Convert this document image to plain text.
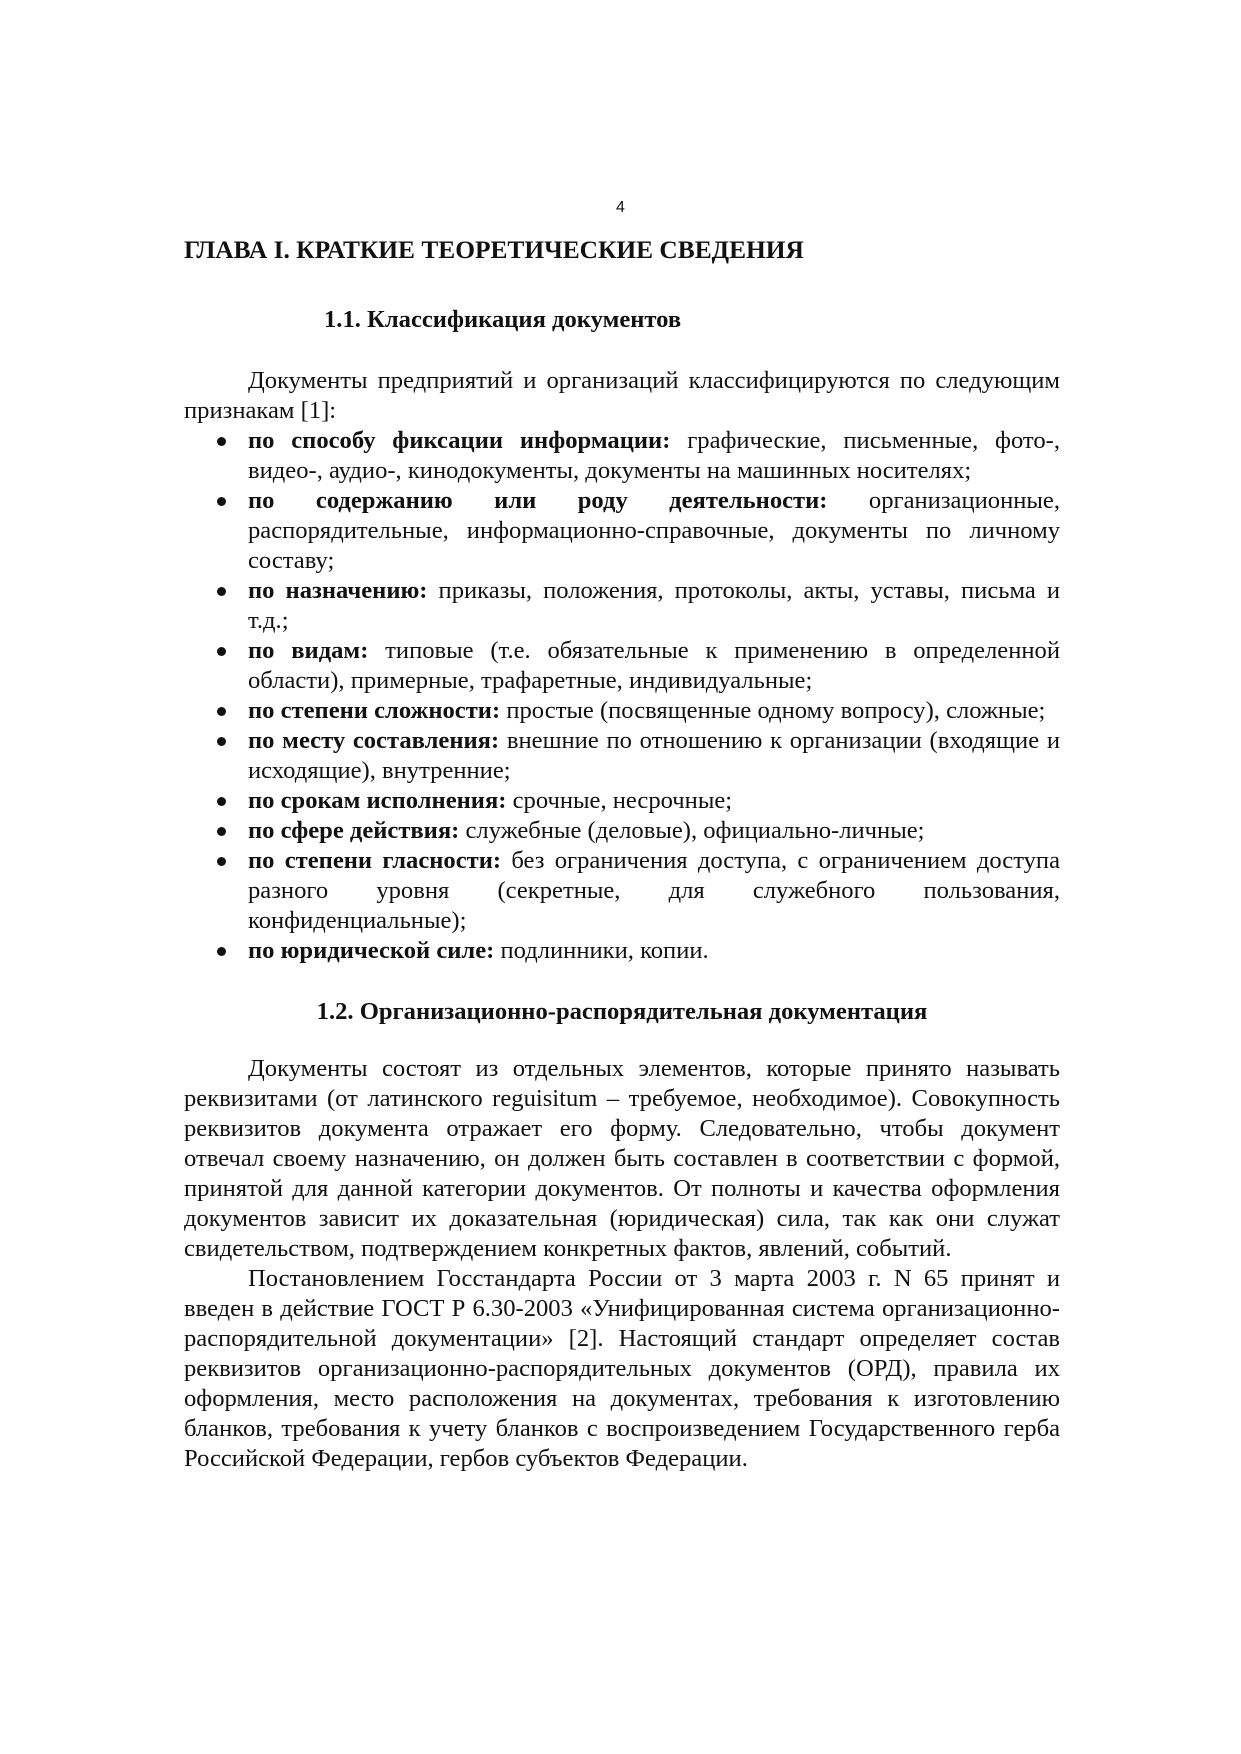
4
ГЛАВА I. КРАТКИЕ ТЕОРЕТИЧЕСКИЕ СВЕДЕНИЯ
1.1. Классификация документов

Документы предприятий и организаций классифицируются по следующим признакам [1]:

по способу фиксации информации: графические, письменные, фото-, видео-, аудио-, кинодокументы, документы на машинных носителях;
по содержанию или роду деятельности: организационные, распорядительные, информационно-справочные, документы по личному составу;
по назначению: приказы, положения, протоколы, акты, уставы, письма и т.д.;
по видам: типовые (т.е. обязательные к применению в определенной области), примерные, трафаретные, индивидуальные;
по степени сложности: простые (посвященные одному вопросу), сложные;
по месту составления: внешние по отношению к организации (входящие и исходящие), внутренние;
по срокам исполнения: срочные, несрочные;
по сфере действия: служебные (деловые), официально-личные;
по степени гласности: без ограничения доступа, с ограничением доступа разного уровня (секретные, для служебного пользования, конфиденциальные);
по юридической силе: подлинники, копии.
1.2. Организационно-распорядительная документация

Документы состоят из отдельных элементов, которые принято называть реквизитами (от латинского reguisitum – требуемое, необходимое). Совокупность реквизитов документа отражает его форму. Следовательно, чтобы документ отвечал своему назначению, он должен быть составлен в соответствии с формой, принятой для данной категории документов. От полноты и качества оформления документов зависит их доказательная (юридическая) сила, так как они служат свидетельством, подтверждением конкретных фактов, явлений, событий.

Постановлением Госстандарта России от 3 марта 2003 г. N 65 принят и введен в действие ГОСТ Р 6.30-2003 «Унифицированная система организационно-распорядительной документации» [2]. Настоящий стандарт определяет состав реквизитов организационно-распорядительных документов (ОРД), правила их оформления, место расположения на документах, требования к изготовлению бланков, требования к учету бланков с воспроизведением Государственного герба Российской Федерации, гербов субъектов Федерации.
